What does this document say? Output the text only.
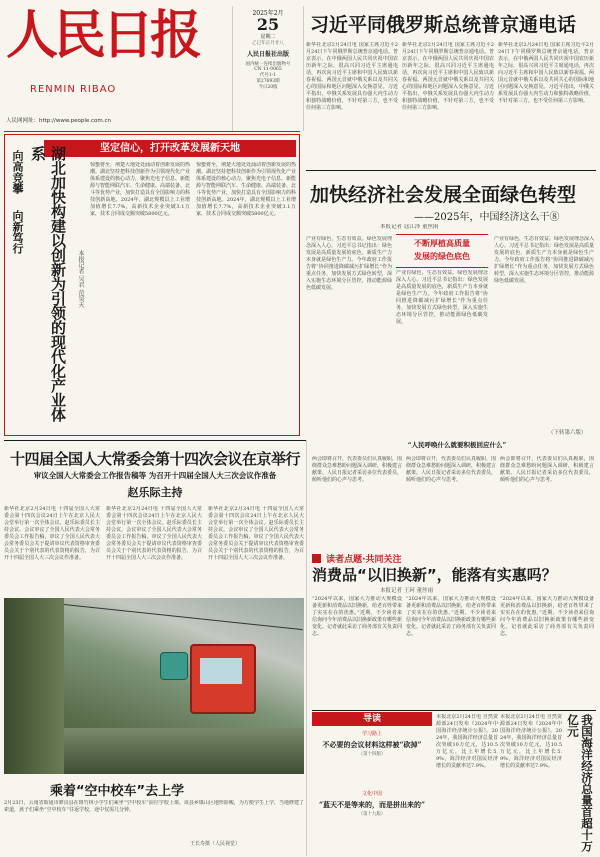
人民日报
RENMIN RIBAO
人民网网址：http://www.people.com.cn
2025年2月
25
星期二
乙巳年正月廿八
人民日报社出版
国内统一连续出版物号
CN 11-0065
代号1-1
第27693期
今日20版
习近平同俄罗斯总统普京通电话
新华社北京2月24日电 国家主席习近平2月24日下午同俄罗斯总统普京通电话。普京表示，在中俄两国人民共同庆祝中国农历新年之际，很高兴同习近平主席通电话，再次向习近平主席和中国人民致以新春祝福。两国元首就中俄关系以及共同关心的国际和地区问题深入交换意见。习近平指出，中俄关系发展具有强大内生动力和独特战略价值，不针对第三方，也不受任何第三方影响。
新华社北京2月24日电 国家主席习近平2月24日下午同俄罗斯总统普京通电话。普京表示，在中俄两国人民共同庆祝中国农历新年之际，很高兴同习近平主席通电话，再次向习近平主席和中国人民致以新春祝福。两国元首就中俄关系以及共同关心的国际和地区问题深入交换意见。习近平指出，中俄关系发展具有强大内生动力和独特战略价值，不针对第三方，也不受任何第三方影响。
新华社北京2月24日电 国家主席习近平2月24日下午同俄罗斯总统普京通电话。普京表示，在中俄两国人民共同庆祝中国农历新年之际，很高兴同习近平主席通电话，再次向习近平主席和中国人民致以新春祝福。两国元首就中俄关系以及共同关心的国际和地区问题深入交换意见。习近平指出，中俄关系发展具有强大内生动力和独特战略价值，不针对第三方，也不受任何第三方影响。
坚定信心，打开改革发展新天地
向高竞攀
向新笃行	湖北加快构建以创新为引领的现代化产业体系
本报记者 吴君 范昊天
惊蛰将至，荆楚大地处处涌动着创新发展的热潮。湖北坚持把科技创新作为引领现代化产业体系建设的核心动力，聚焦光电子信息、新能源与智能网联汽车、生命健康、高端装备、北斗等优势产业，加快打造具有全国影响力的科技创新高地。2024年，湖北规模以上工业增加值增长7.7%，高新技术企业突破3.1万家，技术合同成交额突破5800亿元。
惊蛰将至，荆楚大地处处涌动着创新发展的热潮。湖北坚持把科技创新作为引领现代化产业体系建设的核心动力，聚焦光电子信息、新能源与智能网联汽车、生命健康、高端装备、北斗等优势产业，加快打造具有全国影响力的科技创新高地。2024年，湖北规模以上工业增加值增长7.7%，高新技术企业突破3.1万家，技术合同成交额突破5800亿元。
加快经济社会发展全面绿色转型
——2025年，中国经济这么干⑧
本报记者 寇江泽 董丝雨
不断厚植高质量
发展的绿色底色
产业有绿色，生态有效益。绿色发展理念深入人心。习近平总书记指出：绿色发展是高质量发展的底色，新质生产力本身就是绿色生产力。今年政府工作报告将“协同推进降碳减污扩绿增长”作为重点任务，加快发展方式绿色转型，深入实施生态环境分区管控，推动能源绿色低碳发展。
产业有绿色，生态有效益。绿色发展理念深入人心。习近平总书记指出：绿色发展是高质量发展的底色，新质生产力本身就是绿色生产力。今年政府工作报告将“协同推进降碳减污扩绿增长”作为重点任务，加快发展方式绿色转型，深入实施生态环境分区管控，推动能源绿色低碳发展。
产业有绿色，生态有效益。绿色发展理念深入人心。习近平总书记指出：绿色发展是高质量发展的底色，新质生产力本身就是绿色生产力。今年政府工作报告将“协同推进降碳减污扩绿增长”作为重点任务，加快发展方式绿色转型，深入实施生态环境分区管控，推动能源绿色低碳发展。
（下转第六版）
十四届全国人大常委会第十四次会议在京举行
审议全国人大常委会工作报告稿等 为召开十四届全国人大三次会议作准备
赵乐际主持
新华社北京2月24日电 十四届全国人大常委会第十四次会议24日上午在北京人民大会堂举行第一次全体会议。赵乐际委员长主持会议。会议审议了全国人民代表大会常务委员会工作报告稿，审议了全国人民代表大会常务委员会关于提请审议代表资格审查委员会关于个别代表的代表资格的报告，为召开十四届全国人大三次会议作准备。
新华社北京2月24日电 十四届全国人大常委会第十四次会议24日上午在北京人民大会堂举行第一次全体会议。赵乐际委员长主持会议。会议审议了全国人民代表大会常务委员会工作报告稿，审议了全国人民代表大会常务委员会关于提请审议代表资格审查委员会关于个别代表的代表资格的报告，为召开十四届全国人大三次会议作准备。
新华社北京2月24日电 十四届全国人大常委会第十四次会议24日上午在北京人民大会堂举行第一次全体会议。赵乐际委员长主持会议。会议审议了全国人民代表大会常务委员会工作报告稿，审议了全国人民代表大会常务委员会关于提请审议代表资格审查委员会关于个别代表的代表资格的报告，为召开十四届全国人大三次会议作准备。
乘着“空中校车”去上学
2月23日，云南省昭通市彝良县在斑竹林小学生们乘坐“空中校车”前往学校上课。该县乡镇山区地形险峻，为方便学生上学，当地修建了索道，孩子们乘坐“空中校车”往返学校，途中仅需几分钟。
王长寿摄（人民视觉）
“人民呼唤什么就要积极回应什么”
两会即将召开，代表委员们认真履职，围绕群众急难愁盼问题深入调研，积极建言献策。人民日报记者采访多位代表委员，倾听他们的心声与思考。
两会即将召开，代表委员们认真履职，围绕群众急难愁盼问题深入调研，积极建言献策。人民日报记者采访多位代表委员，倾听他们的心声与思考。
两会即将召开，代表委员们认真履职，围绕群众急难愁盼问题深入调研，积极建言献策。人民日报记者采访多位代表委员，倾听他们的心声与思考。
读者点题·共同关注
消费品“以旧换新”，能落有实惠吗？
本报记者 王珂 董丝雨
“2024年以来，国家大力推动大规模设备更新和消费品以旧换新，给老百姓带来了实实在在的优惠。”近期，不少读者来信询问今年消费品以旧换新政策有哪些新变化。记者就此采访了商务部有关负责同志。
“2024年以来，国家大力推动大规模设备更新和消费品以旧换新，给老百姓带来了实实在在的优惠。”近期，不少读者来信询问今年消费品以旧换新政策有哪些新变化。记者就此采访了商务部有关负责同志。
“2024年以来，国家大力推动大规模设备更新和消费品以旧换新，给老百姓带来了实实在在的优惠。”近期，不少读者来信询问今年消费品以旧换新政策有哪些新变化。记者就此采访了商务部有关负责同志。
导读
学习路上
不必要的会议材料这样被“砍掉”
（第十四版）
文化中国
“蓝天不是等来的，而是拼出来的”
（第十九版）
本报北京2月24日电 自然资源部24日发布《2024年中国海洋经济统计公报》。2024年，我国海洋经济总量首次突破10万亿元，达10.5万亿元，比上年增长5.9%，海洋经济对国民经济增长的贡献率达7.9%。
本报北京2月24日电 自然资源部24日发布《2024年中国海洋经济统计公报》。2024年，我国海洋经济总量首次突破10万亿元，达10.5万亿元，比上年增长5.9%，海洋经济对国民经济增长的贡献率达7.9%。	我国海洋经济总量首超十万亿元
